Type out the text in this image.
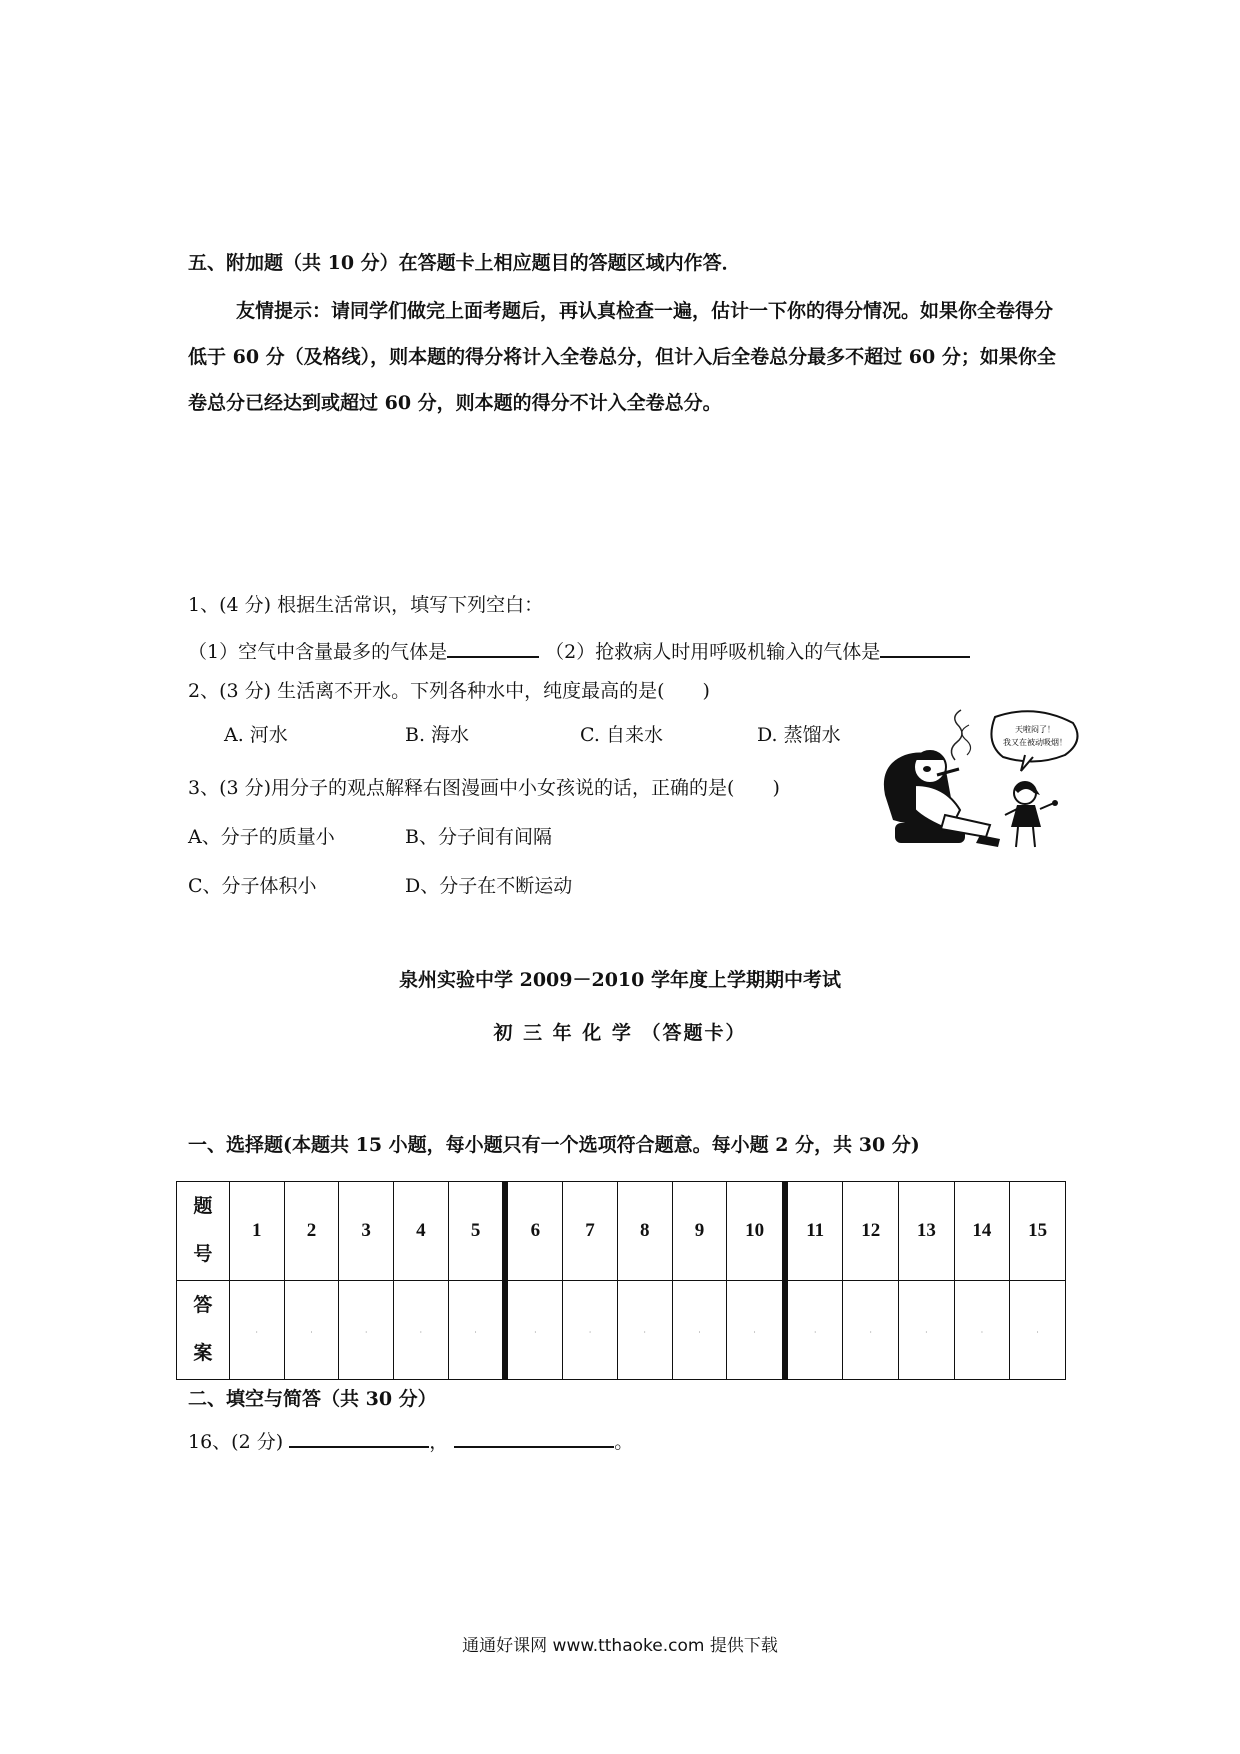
五、附加题（共 10 分）在答题卡上相应题目的答题区域内作答．
友情提示：请同学们做完上面考题后，再认真检查一遍，估计一下你的得分情况。如果你全卷得分低于 60 分（及格线），则本题的得分将计入全卷总分，但计入后全卷总分最多不超过 60 分；如果你全卷总分已经达到或超过 60 分，则本题的得分不计入全卷总分。
1、(4 分) 根据生活常识，填写下列空白：
（1）空气中含量最多的气体是	（2）抢救病人时用呼吸机输入的气体是
2、(3 分) 生活离不开水。下列各种水中，纯度最高的是(　　)
A. 河水	B. 海水	C. 自来水	D. 蒸馏水
3、(3 分)用分子的观点解释右图漫画中小女孩说的话，正确的是(　　)
A、分子的质量小	B、分子间有间隔
C、分子体积小	D、分子在不断运动
天啦闷了！
我又在被动吸烟！
泉州实验中学 2009－2010 学年度上学期期中考试
初 三 年 化 学 （答题卡）
一、选择题(本题共 15 小题，每小题只有一个选项符合题意。每小题 2 分，共 30 分)
题
号	1	2	3	4	5	6	7	8	9	10	11	12	13	14	15
答
案	·	·	·	·	·	·	·	·	·	·	·	·	·	·	·
二、填空与简答（共 30 分）
16、(2 分)	，	。
通通好课网 www.tthaoke.com 提供下载
